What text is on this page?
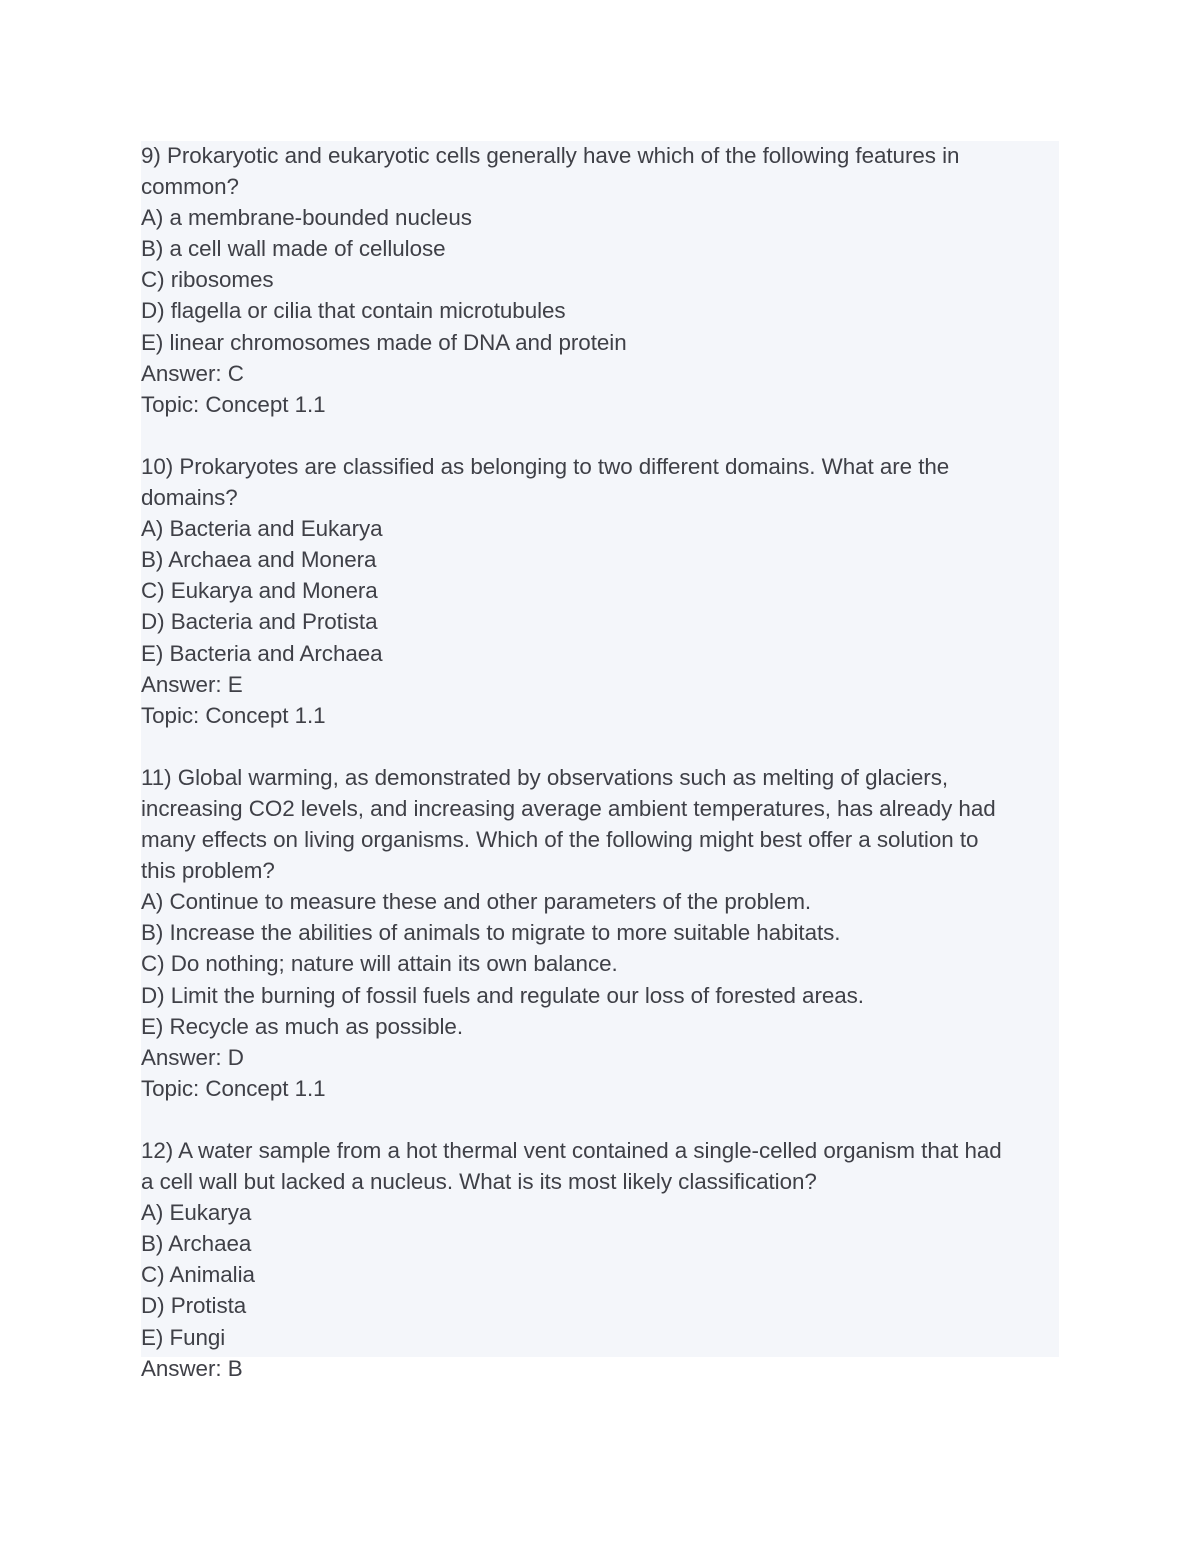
9) Prokaryotic and eukaryotic cells generally have which of the following features in
common?
A) a membrane-bounded nucleus
B) a cell wall made of cellulose
C) ribosomes
D) flagella or cilia that contain microtubules
E) linear chromosomes made of DNA and protein
Answer: C
Topic: Concept 1.1
10) Prokaryotes are classified as belonging to two different domains. What are the
domains?
A) Bacteria and Eukarya
B) Archaea and Monera
C) Eukarya and Monera
D) Bacteria and Protista
E) Bacteria and Archaea
Answer: E
Topic: Concept 1.1
11) Global warming, as demonstrated by observations such as melting of glaciers,
increasing CO2 levels, and increasing average ambient temperatures, has already had
many effects on living organisms. Which of the following might best offer a solution to
this problem?
A) Continue to measure these and other parameters of the problem.
B) Increase the abilities of animals to migrate to more suitable habitats.
C) Do nothing; nature will attain its own balance.
D) Limit the burning of fossil fuels and regulate our loss of forested areas.
E) Recycle as much as possible.
Answer: D
Topic: Concept 1.1
12) A water sample from a hot thermal vent contained a single-celled organism that had
a cell wall but lacked a nucleus. What is its most likely classification?
A) Eukarya
B) Archaea
C) Animalia
D) Protista
E) Fungi
Answer: B
